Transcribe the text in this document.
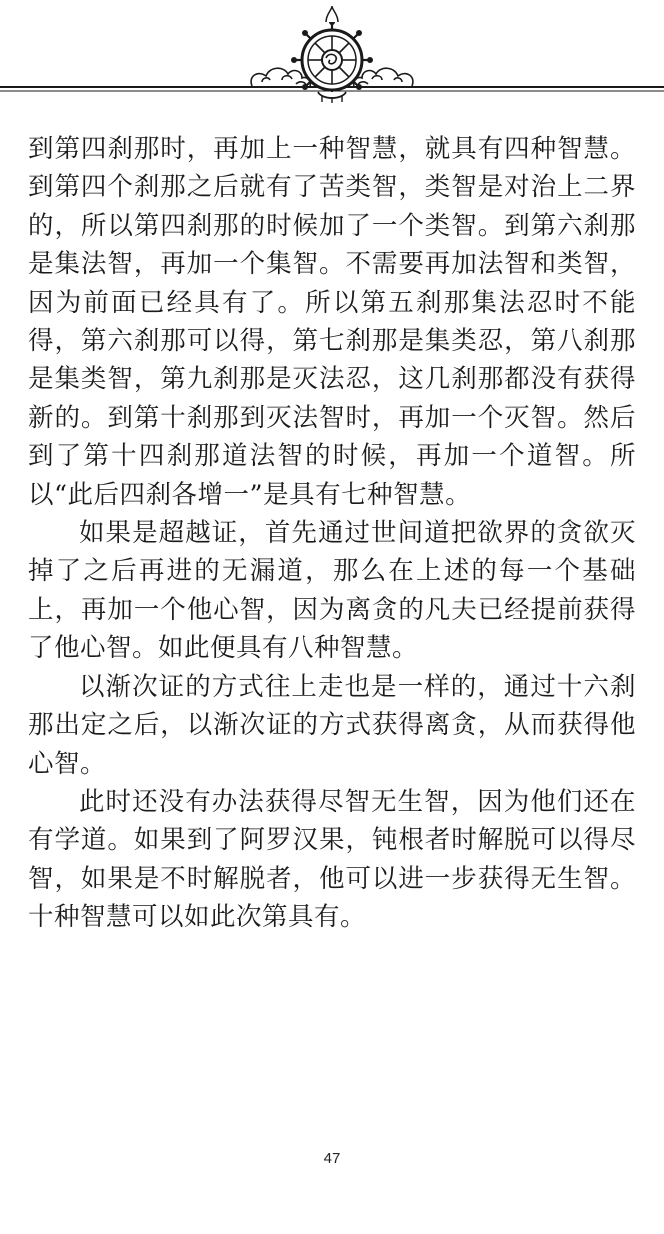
到第四刹那时，再加上一种智慧，就具有四种智慧。到第四个刹那之后就有了苦类智，类智是对治上二界的，所以第四刹那的时候加了一个类智。到第六刹那是集法智，再加一个集智。不需要再加法智和类智，因为前面已经具有了。所以第五刹那集法忍时不能得，第六刹那可以得，第七刹那是集类忍，第八刹那是集类智，第九刹那是灭法忍，这几刹那都没有获得新的。到第十刹那到灭法智时，再加一个灭智。然后到了第十四刹那道法智的时候，再加一个道智。所以“此后四刹各增一”是具有七种智慧。

如果是超越证，首先通过世间道把欲界的贪欲灭掉了之后再进的无漏道，那么在上述的每一个基础上，再加一个他心智，因为离贪的凡夫已经提前获得了他心智。如此便具有八种智慧。

以渐次证的方式往上走也是一样的，通过十六刹那出定之后，以渐次证的方式获得离贪，从而获得他心智。

此时还没有办法获得尽智无生智，因为他们还在有学道。如果到了阿罗汉果，钝根者时解脱可以得尽智，如果是不时解脱者，他可以进一步获得无生智。十种智慧可以如此次第具有。

47
